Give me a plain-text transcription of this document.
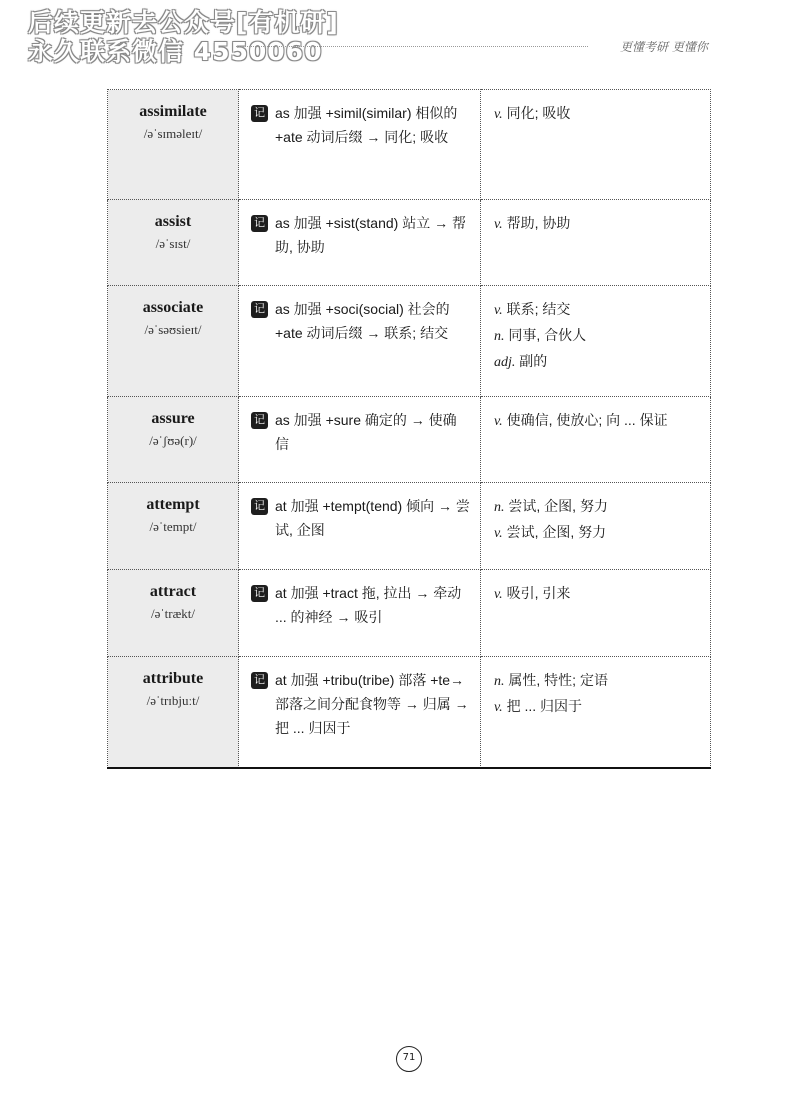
后续更新去公众号[有机研]
永久联系微信 4550060	更懂考研 更懂你
assimilate
/əˈsɪməleɪt/	记 as 加强 +simil(similar) 相似的 +ate 动词后缀 → 同化; 吸收	v. 同化; 吸收

assist
/əˈsɪst/	记 as 加强 +sist(stand) 站立 → 帮助, 协助	v. 帮助, 协助

associate
/əˈsəʊsieɪt/	记 as 加强 +soci(social) 社会的 +ate 动词后缀 → 联系; 结交	v. 联系; 结交
n. 同事, 合伙人
adj. 副的

assure
/əˈʃʊə(r)/	记 as 加强 +sure 确定的 → 使确信	v. 使确信, 使放心; 向 ... 保证

attempt
/əˈtempt/	记 at 加强 +tempt(tend) 倾向 → 尝试, 企图	n. 尝试, 企图, 努力
v. 尝试, 企图, 努力

attract
/əˈtrækt/	记 at 加强 +tract 拖, 拉出 → 牵动 ... 的神经 → 吸引	v. 吸引, 引来

attribute
/əˈtrɪbjuːt/	记 at 加强 +tribu(tribe) 部落 +te→ 部落之间分配食物等 → 归属 → 把 ... 归因于	n. 属性, 特性; 定语
v. 把 ... 归因于
71
